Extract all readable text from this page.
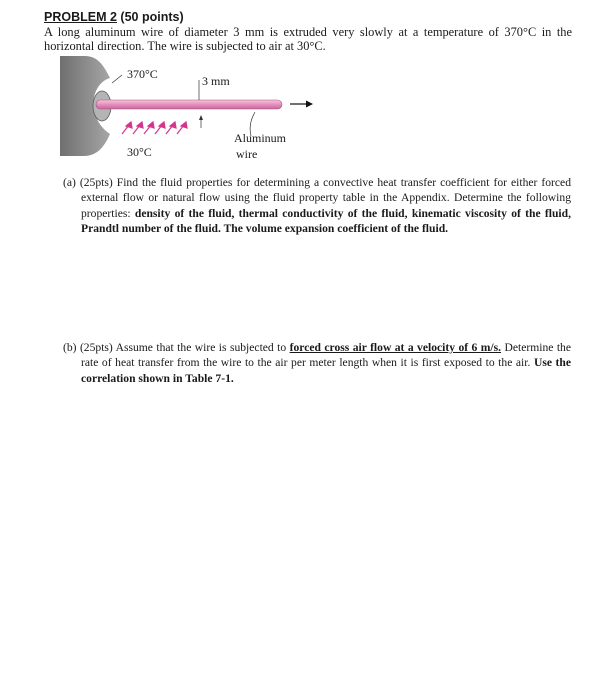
PROBLEM 2 (50 points)
A long aluminum wire of diameter 3 mm is extruded very slowly at a temperature of 370°C in the horizontal direction. The wire is subjected to air at 30°C.
370°C	3 mm
30°C
Aluminum
wire

(a) (25pts) Find the fluid properties for determining a convective heat transfer coefficient for either forced external flow or natural flow using the fluid property table in the Appendix. Determine the following properties: density of the fluid, thermal conductivity of the fluid, kinematic viscosity of the fluid, Prandtl number of the fluid. The volume expansion coefficient of the fluid.

(b) (25pts) Assume that the wire is subjected to forced cross air flow at a velocity of 6 m/s. Determine the rate of heat transfer from the wire to the air per meter length when it is first exposed to the air. Use the correlation shown in Table 7-1.
